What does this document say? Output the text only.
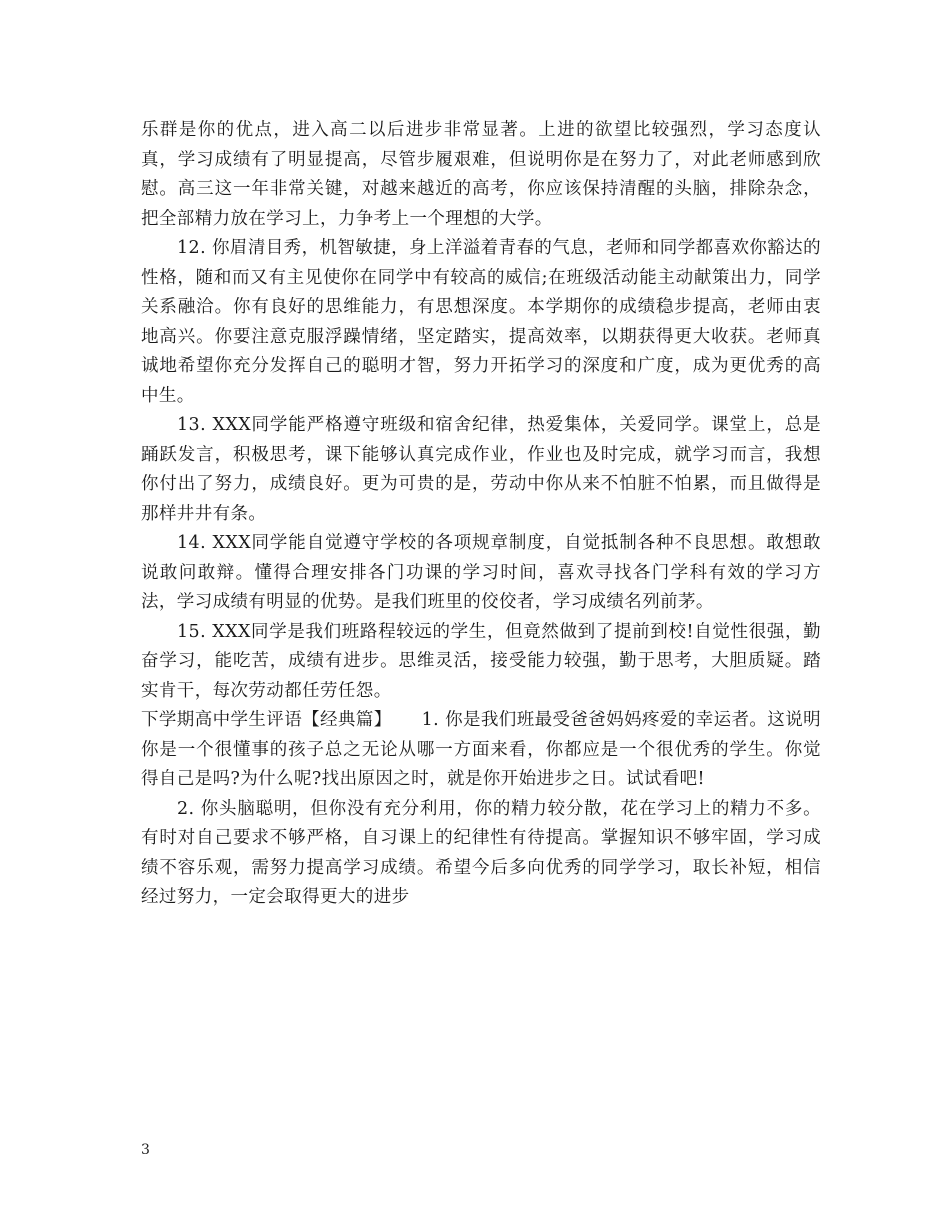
乐群是你的优点，进入高二以后进步非常显著。上进的欲望比较强烈，学习态度认真，学习成绩有了明显提高，尽管步履艰难，但说明你是在努力了，对此老师感到欣慰。高三这一年非常关键，对越来越近的高考，你应该保持清醒的头脑，排除杂念，把全部精力放在学习上，力争考上一个理想的大学。

12. 你眉清目秀，机智敏捷，身上洋溢着青春的气息，老师和同学都喜欢你豁达的性格，随和而又有主见使你在同学中有较高的威信;在班级活动能主动献策出力，同学关系融洽。你有良好的思维能力，有思想深度。本学期你的成绩稳步提高，老师由衷地高兴。你要注意克服浮躁情绪，坚定踏实，提高效率，以期获得更大收获。老师真诚地希望你充分发挥自己的聪明才智，努力开拓学习的深度和广度，成为更优秀的高中生。

13. XXX同学能严格遵守班级和宿舍纪律，热爱集体，关爱同学。课堂上，总是踊跃发言，积极思考，课下能够认真完成作业，作业也及时完成，就学习而言，我想你付出了努力，成绩良好。更为可贵的是，劳动中你从来不怕脏不怕累，而且做得是那样井井有条。

14. XXX同学能自觉遵守学校的各项规章制度，自觉抵制各种不良思想。敢想敢说敢问敢辩。懂得合理安排各门功课的学习时间，喜欢寻找各门学科有效的学习方法，学习成绩有明显的优势。是我们班里的佼佼者，学习成绩名列前茅。

15. XXX同学是我们班路程较远的学生，但竟然做到了提前到校!自觉性很强，勤奋学习，能吃苦，成绩有进步。思维灵活，接受能力较强，勤于思考，大胆质疑。踏实肯干，每次劳动都任劳任怨。

下学期高中学生评语【经典篇】 1. 你是我们班最受爸爸妈妈疼爱的幸运者。这说明你是一个很懂事的孩子总之无论从哪一方面来看，你都应是一个很优秀的学生。你觉得自己是吗?为什么呢?找出原因之时，就是你开始进步之日。试试看吧!

2. 你头脑聪明，但你没有充分利用，你的精力较分散，花在学习上的精力不多。有时对自己要求不够严格，自习课上的纪律性有待提高。掌握知识不够牢固，学习成绩不容乐观，需努力提高学习成绩。希望今后多向优秀的同学学习，取长补短，相信经过努力，一定会取得更大的进步

3
